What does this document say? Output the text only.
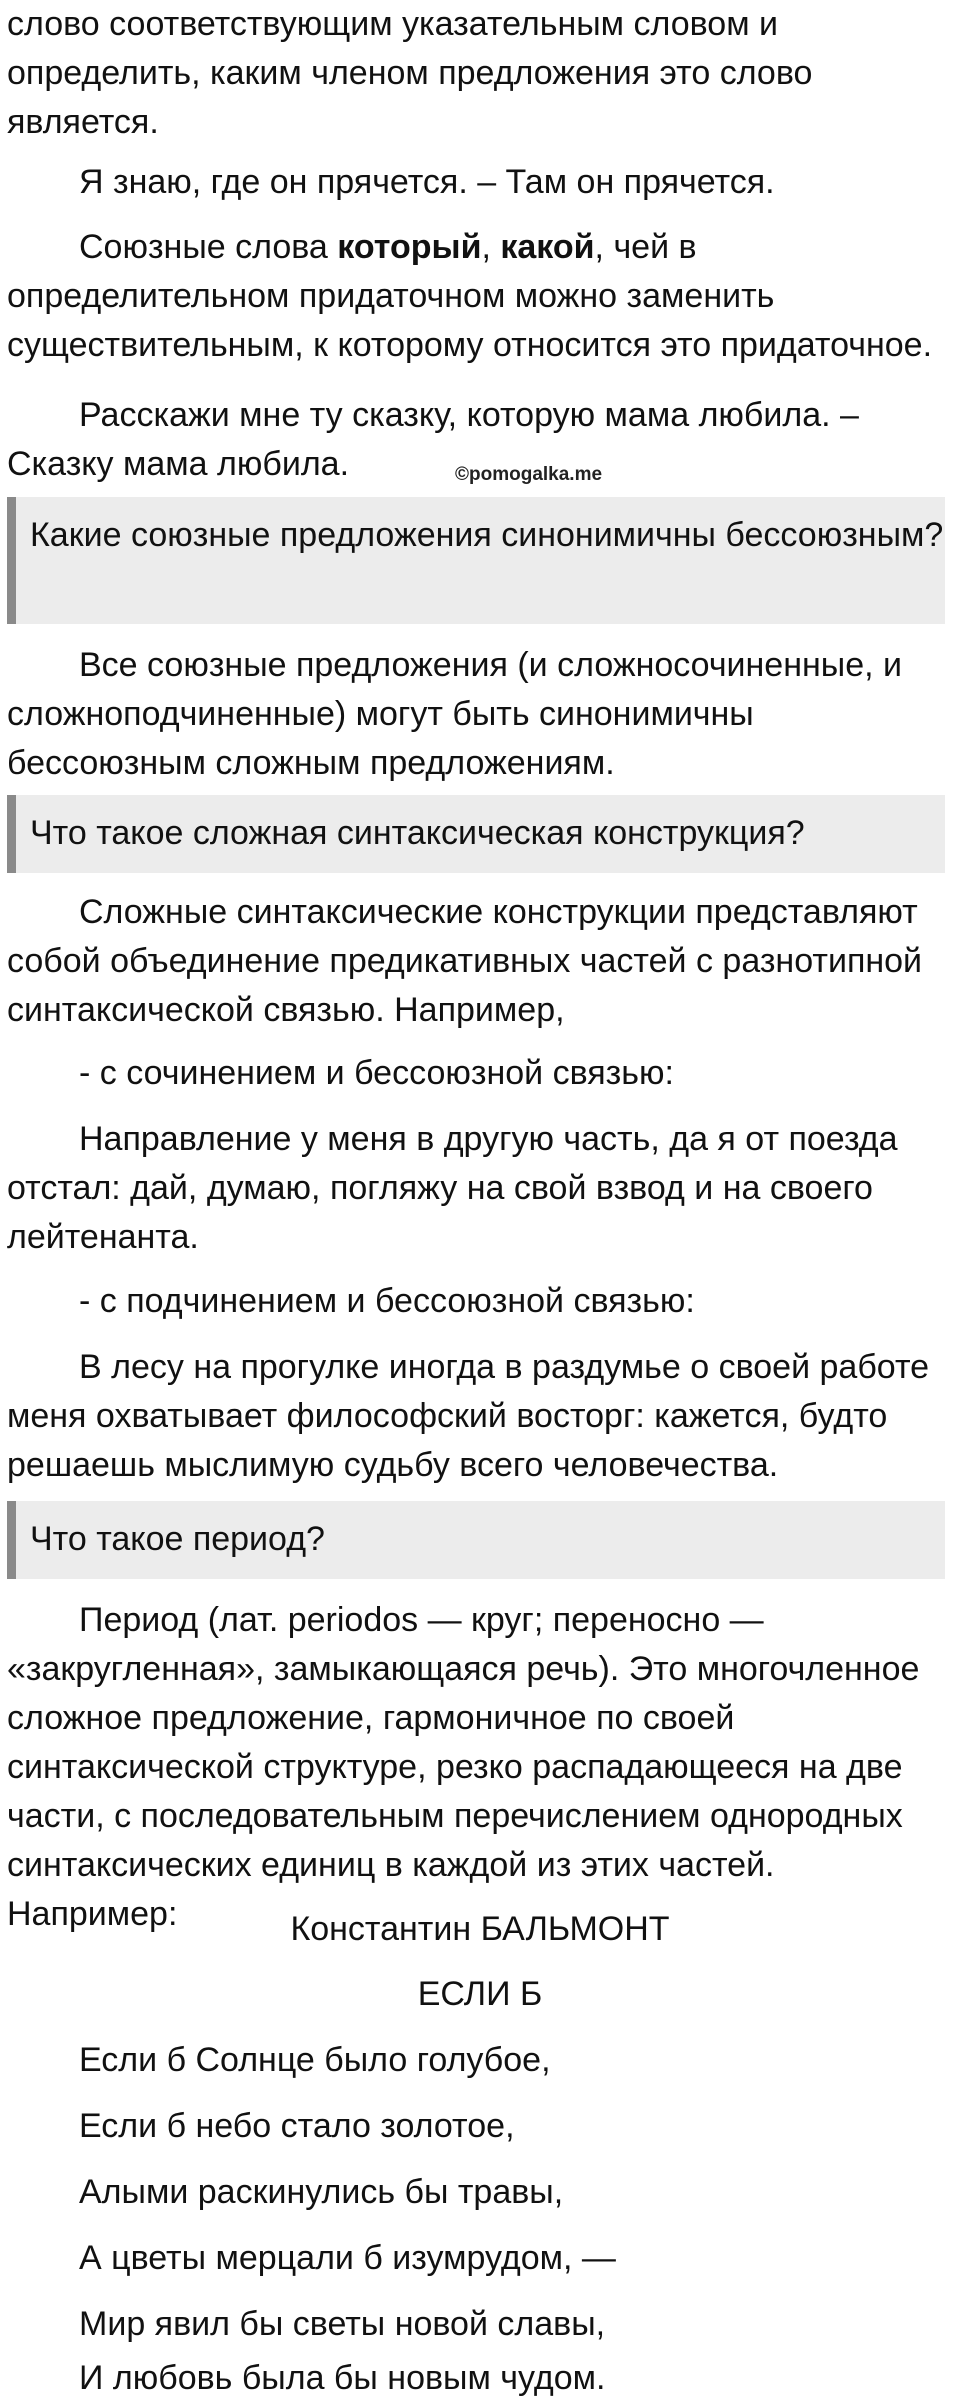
слово соответствующим указательным словом и определить, каким членом предложения это слово является.

Я знаю, где он прячется. – Там он прячется.

Союзные слова который, какой, чей в определительном придаточном можно заменить существительным, к которому относится это придаточное.

Расскажи мне ту сказку, которую мама любила. – Сказку мама любила.	©pomogalka.me
Какие союзные предложения синонимичны бессоюзным?

Все союзные предложения (и сложносочиненные, и сложноподчиненные) могут быть синонимичны бессоюзным сложным предложениям.

Что такое сложная синтаксическая конструкция?

Сложные синтаксические конструкции представляют собой объединение предикативных частей с разнотипной синтаксической связью. Например,

- с сочинением и бессоюзной связью:

Направление у меня в другую часть, да я от поезда отстал: дай, думаю, погляжу на свой взвод и на своего лейтенанта.

- с подчинением и бессоюзной связью:

В лесу на прогулке иногда в раздумье о своей работе меня охватывает философский восторг: кажется, будто решаешь мыслимую судьбу всего человечества.

Что такое период?

Период (лат. periodos — круг; переносно — «закругленная», замыкающаяся речь). Это многочленное сложное предложение, гармоничное по своей синтаксической структуре, резко распадающееся на две части, с последовательным перечислением однородных синтаксических единиц в каждой из этих частей. Например:	Константин БАЛЬМОНТ

ЕСЛИ Б

Если б Солнце было голубое,

Если б небо стало золотое,

Алыми раскинулись бы травы,

А цветы мерцали б изумрудом, —

Мир явил бы светы новой славы,

И любовь была бы новым чудом.
